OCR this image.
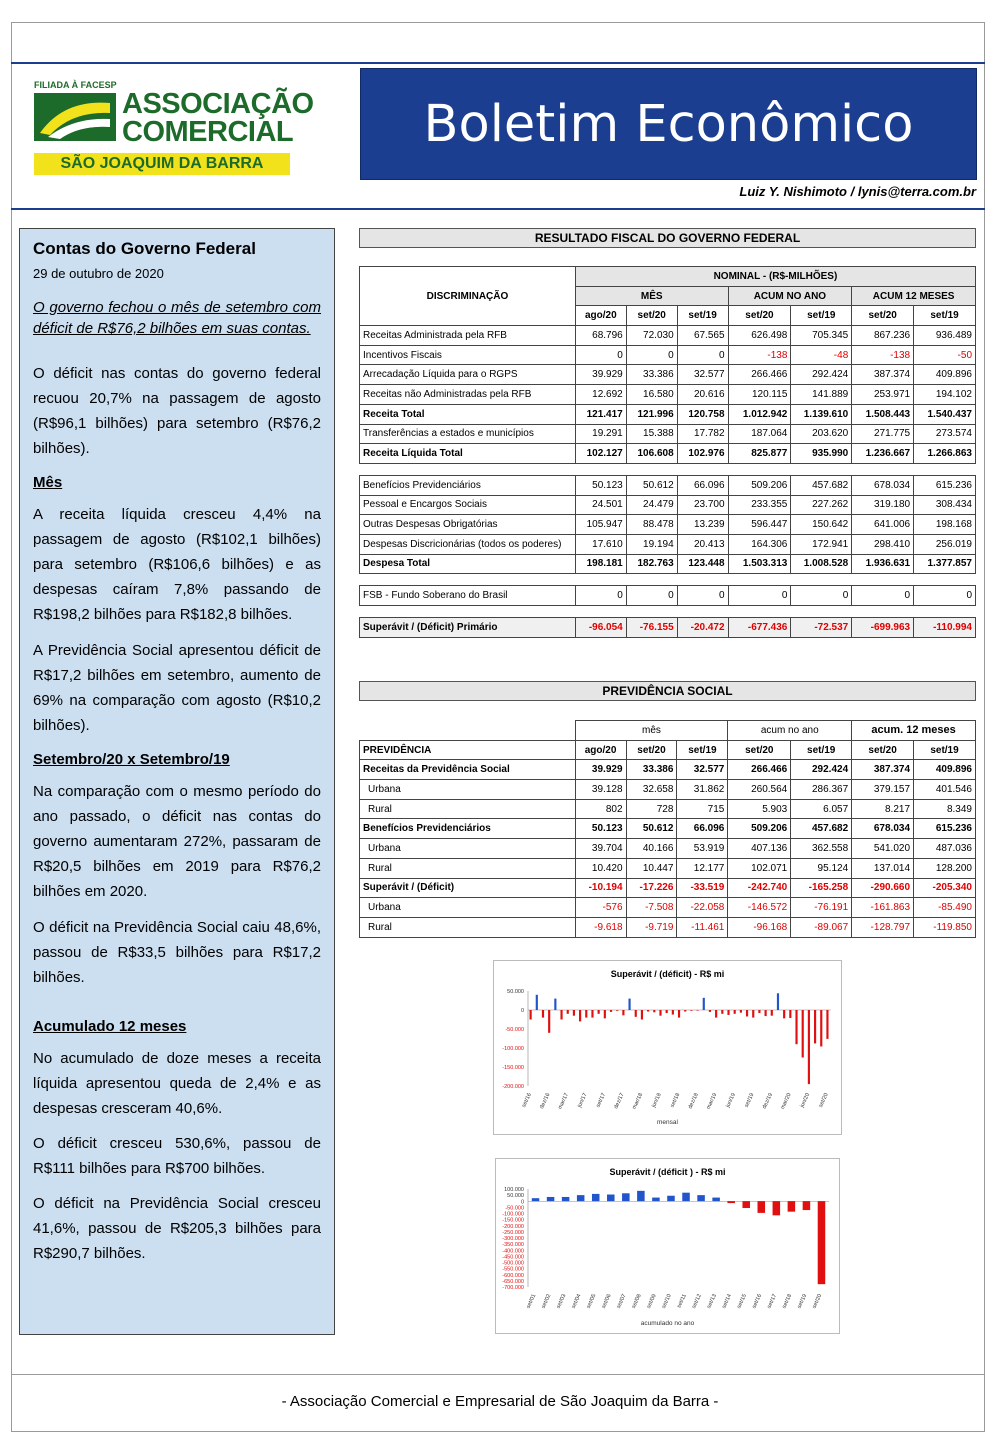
FILIADA À FACESP
ASSOCIAÇÃO
COMERCIAL
SÃO JOAQUIM DA BARRA
Boletim Econômico
Luiz Y. Nishimoto / lynis@terra.com.br
Contas do Governo Federal
29 de outubro de 2020
O governo fechou o mês de setembro com déficit de R$76,2 bilhões em suas contas.

O déficit nas contas do governo federal recuou 20,7% na passagem de agosto (R$96,1 bilhões) para setembro (R$76,2 bilhões).

Mês

A receita líquida cresceu 4,4% na passagem de agosto (R$102,1 bilhões) para setembro (R$106,6 bilhões) e as despesas caíram 7,8% passando de R$198,2 bilhões para R$182,8 bilhões.

A Previdência Social apresentou déficit de R$17,2 bilhões em setembro, aumento de 69% na comparação com agosto (R$10,2 bilhões).

Setembro/20 x Setembro/19

Na comparação com o mesmo período do ano passado, o déficit nas contas do governo aumentaram 272%, passaram de R$20,5 bilhões em 2019 para R$76,2 bilhões em 2020.

O déficit na Previdência Social caiu 48,6%, passou de R$33,5 bilhões para R$17,2 bilhões.

Acumulado 12 meses

No acumulado de doze meses a receita líquida apresentou queda de 2,4% e as despesas cresceram 40,6%.

O déficit cresceu 530,6%, passou de R$111 bilhões para R$700 bilhões.

O déficit na Previdência Social cresceu 41,6%, passou de R$205,3 bilhões para R$290,7 bilhões.

RESULTADO FISCAL DO GOVERNO FEDERAL
DISCRIMINAÇÃO	NOMINAL - (R$-MILHÕES)						
	MÊS			ACUM NO ANO		ACUM 12 MESES	
	ago/20	set/20	set/19	set/20	set/19	set/20	set/19
Receitas Administrada pela RFB	68.796	72.030	67.565	626.498	705.345	867.236	936.489
Incentivos Fiscais	0	0	0	-138	-48	-138	-50
Arrecadação Líquida para o RGPS	39.929	33.386	32.577	266.466	292.424	387.374	409.896
Receitas não Administradas pela RFB	12.692	16.580	20.616	120.115	141.889	253.971	194.102
Receita Total	121.417	121.996	120.758	1.012.942	1.139.610	1.508.443	1.540.437
Transferências a estados e municípios	19.291	15.388	17.782	187.064	203.620	271.775	273.574
Receita Líquida Total	102.127	106.608	102.976	825.877	935.990	1.236.667	1.266.863

Benefícios Previdenciários	50.123	50.612	66.096	509.206	457.682	678.034	615.236
Pessoal e Encargos Sociais	24.501	24.479	23.700	233.355	227.262	319.180	308.434
Outras Despesas Obrigatórias	105.947	88.478	13.239	596.447	150.642	641.006	198.168
Despesas Discricionárias (todos os poderes)	17.610	19.194	20.413	164.306	172.941	298.410	256.019
Despesa Total	198.181	182.763	123.448	1.503.313	1.008.528	1.936.631	1.377.857

FSB - Fundo Soberano do Brasil	0	0	0	0	0	0	0

Superávit / (Déficit) Primário	-96.054	-76.155	-20.472	-677.436	-72.537	-699.963	-110.994
PREVIDÊNCIA SOCIAL
	mês			acum no ano		acum. 12 meses	
PREVIDÊNCIA	ago/20	set/20	set/19	set/20	set/19	set/20	set/19
Receitas da Previdência Social	39.929	33.386	32.577	266.466	292.424	387.374	409.896
Urbana	39.128	32.658	31.862	260.564	286.367	379.157	401.546
Rural	802	728	715	5.903	6.057	8.217	8.349
Benefícios Previdenciários	50.123	50.612	66.096	509.206	457.682	678.034	615.236
Urbana	39.704	40.166	53.919	407.136	362.558	541.020	487.036
Rural	10.420	10.447	12.177	102.071	95.124	137.014	128.200
Superávit / (Déficit)	-10.194	-17.226	-33.519	-242.740	-165.258	-290.660	-205.340
Urbana	-576	-7.508	-22.058	-146.572	-76.191	-161.863	-85.490
Rural	-9.618	-9.719	-11.461	-96.168	-89.067	-128.797	-119.850
Superávit / (déficit) - R$ mi
50.000
0
-50.000
-100.000
-150.000
-200.000
set/16 dez/16 mar/17 jun/17 set/17 dez/17 mar/18 jun/18 set/18 dez/18 mar/19 jun/19 set/19 dez/19 mar/20 jun/20 set/20
mensal
Superávit / (déficit ) - R$ mi
100.000
50.000
0
-50.000
-100.000
-150.000
-200.000
-250.000
-300.000
-350.000
-400.000
-450.000
-500.000
-550.000
-600.000
-650.000
-700.000
set/01 set/02 set/03 set/04 set/05 set/06 set/07 set/08 set/09 set/10 set/11 set/12 set/13 set/14 set/15 set/16 set/17 set/18 set/19 set/20
acumulado no ano
- Associação Comercial e Empresarial de São Joaquim da Barra -
